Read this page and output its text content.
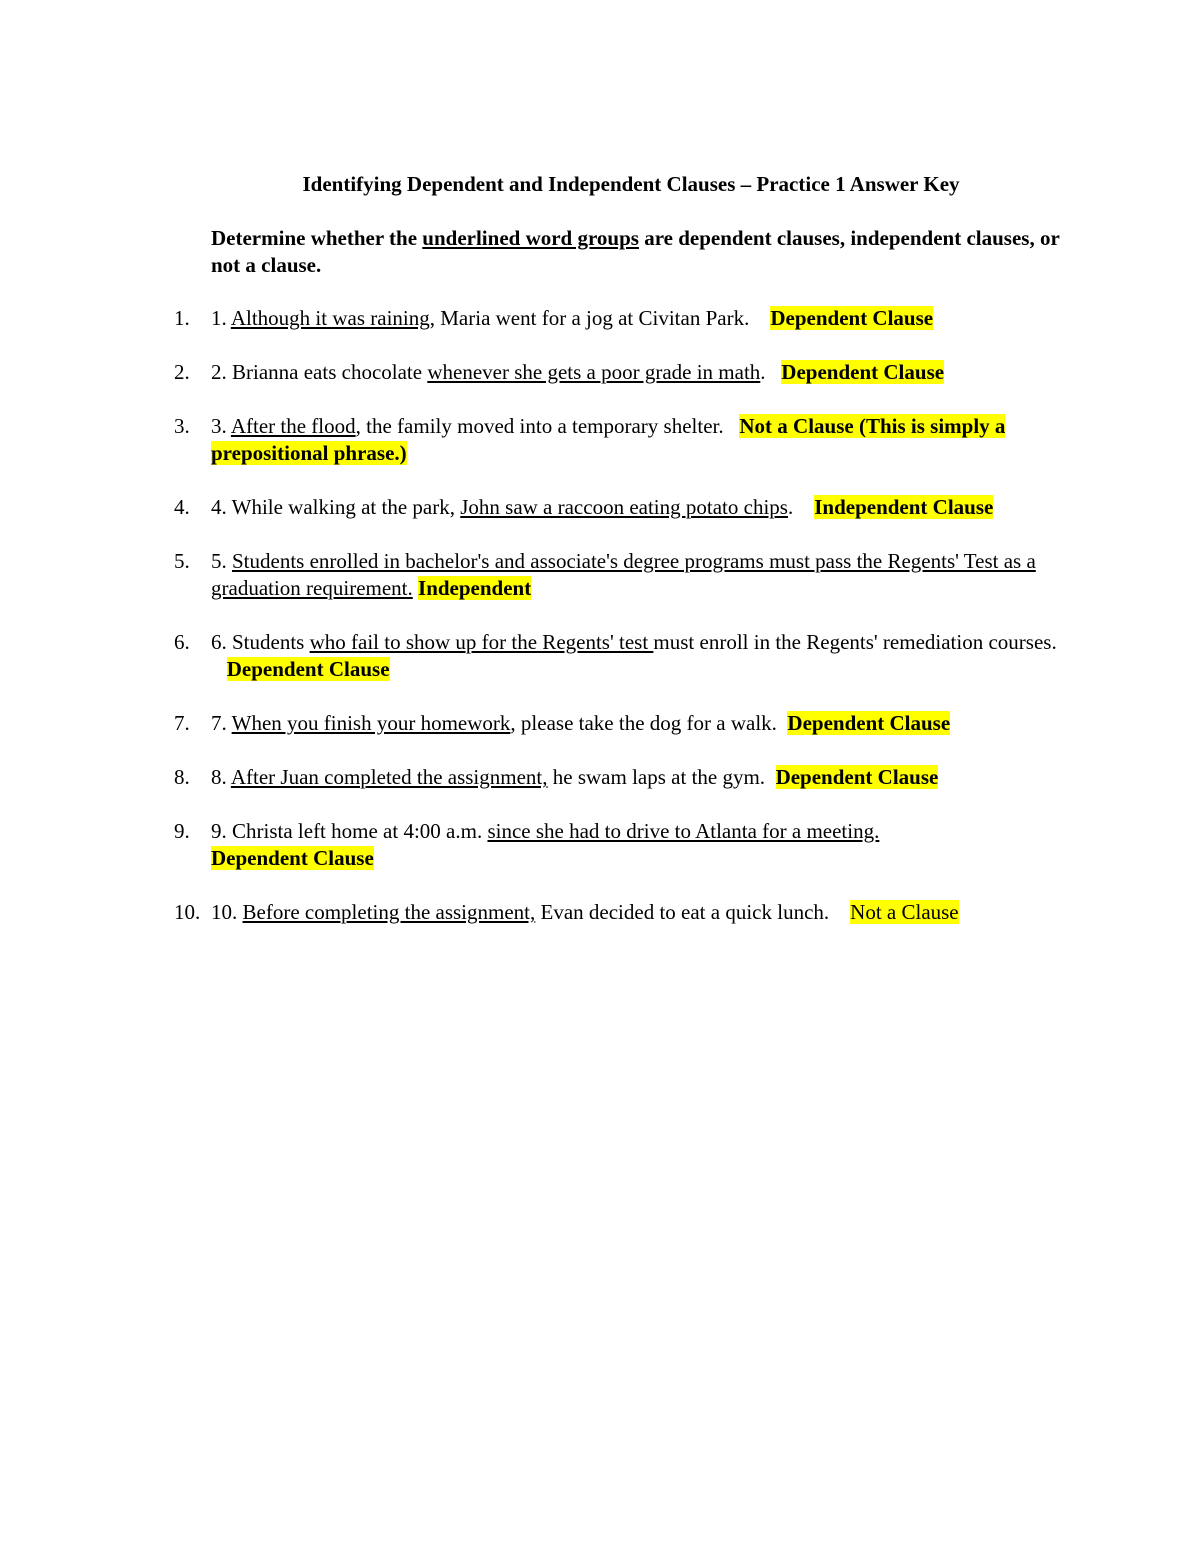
Identifying Dependent and Independent Clauses – Practice 1 Answer Key

Determine whether the underlined word groups are dependent clauses, independent clauses, or not a clause.

1.	1. Although it was raining, Maria went for a jog at Civitan Park. Dependent Clause
2.	2. Brianna eats chocolate whenever she gets a poor grade in math. Dependent Clause
3.	3. After the flood, the family moved into a temporary shelter. Not a Clause (This is simply a prepositional phrase.)
4.	4. While walking at the park, John saw a raccoon eating potato chips. Independent Clause
5.	5. Students enrolled in bachelor's and associate's degree programs must pass the Regents' Test as a graduation requirement. Independent
6.	6. Students who fail to show up for the Regents' test must enroll in the Regents' remediation courses.   Dependent Clause
7.	7. When you finish your homework, please take the dog for a walk. Dependent Clause
8.	8. After Juan completed the assignment, he swam laps at the gym. Dependent Clause
9.	9. Christa left home at 4:00 a.m. since she had to drive to Atlanta for a meeting.
Dependent Clause
10. 10. Before completing the assignment, Evan decided to eat a quick lunch. Not a Clause
